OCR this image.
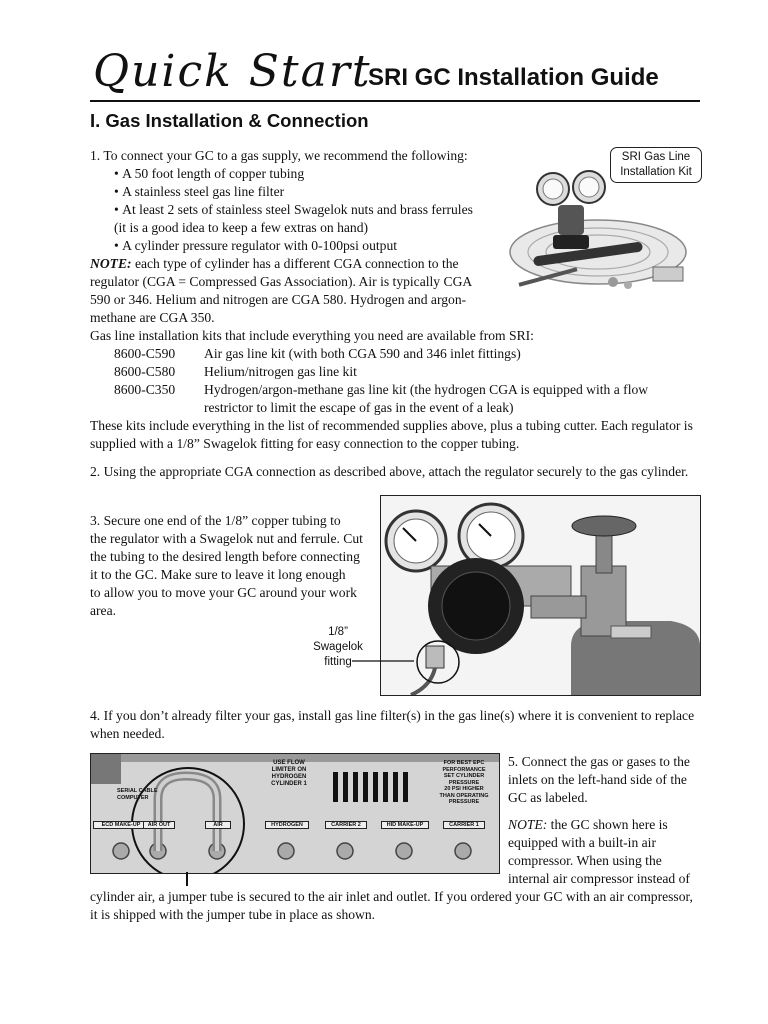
Quick Start
SRI GC Installation Guide
I. Gas Installation & Connection
1. To connect your GC to a gas supply, we recommend the following:
• A 50 foot length of copper tubing
• A stainless steel gas line filter
• At least 2 sets of stainless steel Swagelok nuts and brass ferrules
(it is a good idea to keep a few extras on hand)
• A cylinder pressure regulator with 0-100psi output
NOTE: each type of cylinder has a different CGA connection to the
regulator (CGA = Compressed Gas Association). Air is typically CGA
590 or 346. Helium and nitrogen are CGA 580. Hydrogen and argon-
methane are CGA 350.
Gas line installation kits that include everything you need are available from SRI:
8600-C590 Air gas line kit (with both CGA 590 and 346 inlet fittings)
8600-C580 Helium/nitrogen gas line kit
8600-C350 Hydrogen/argon-methane gas line kit (the hydrogen CGA is equipped with a flow
restrictor to limit the escape of gas in the event of a leak)
These kits include everything in the list of recommended supplies above, plus a tubing cutter. Each regulator is
supplied with a 1/8” Swagelok fitting for easy connection to the copper tubing.
SRI Gas Line
Installation Kit
2. Using the appropriate CGA connection as described above, attach the regulator securely to the gas cylinder.
3. Secure one end of the 1/8” copper tubing to
the regulator with a Swagelok nut and ferrule. Cut
the tubing to the desired length before connecting
it to the GC. Make sure to leave it long enough
to allow you to move your GC around your work
area.
1/8”
Swagelok
fitting
4. If you don’t already filter your gas, install gas line filter(s) in the gas line(s) where it is convenient to replace
when needed.
USE FLOW
LIMITER ON
HYDROGEN
CYLINDER 1
FOR BEST EPC
PERFORMANCE
SET CYLINDER
PRESSURE
20 PSI HIGHER
THAN OPERATING
PRESSURE
SERIAL CABLE
COMPUTER
ECD MAKE-UP	AIR OUT	AIR	HYDROGEN	CARRIER 2	HID MAKE-UP	CARRIER 1
5. Connect the gas or gases to the
inlets on the left-hand side of the
GC as labeled.
NOTE: the GC shown here is
equipped with a built-in air
compressor. When using the
internal air compressor instead of
cylinder air, a jumper tube is secured to the air inlet and outlet. If you ordered your GC with an air compressor,
it is shipped with the jumper tube in place as shown.
